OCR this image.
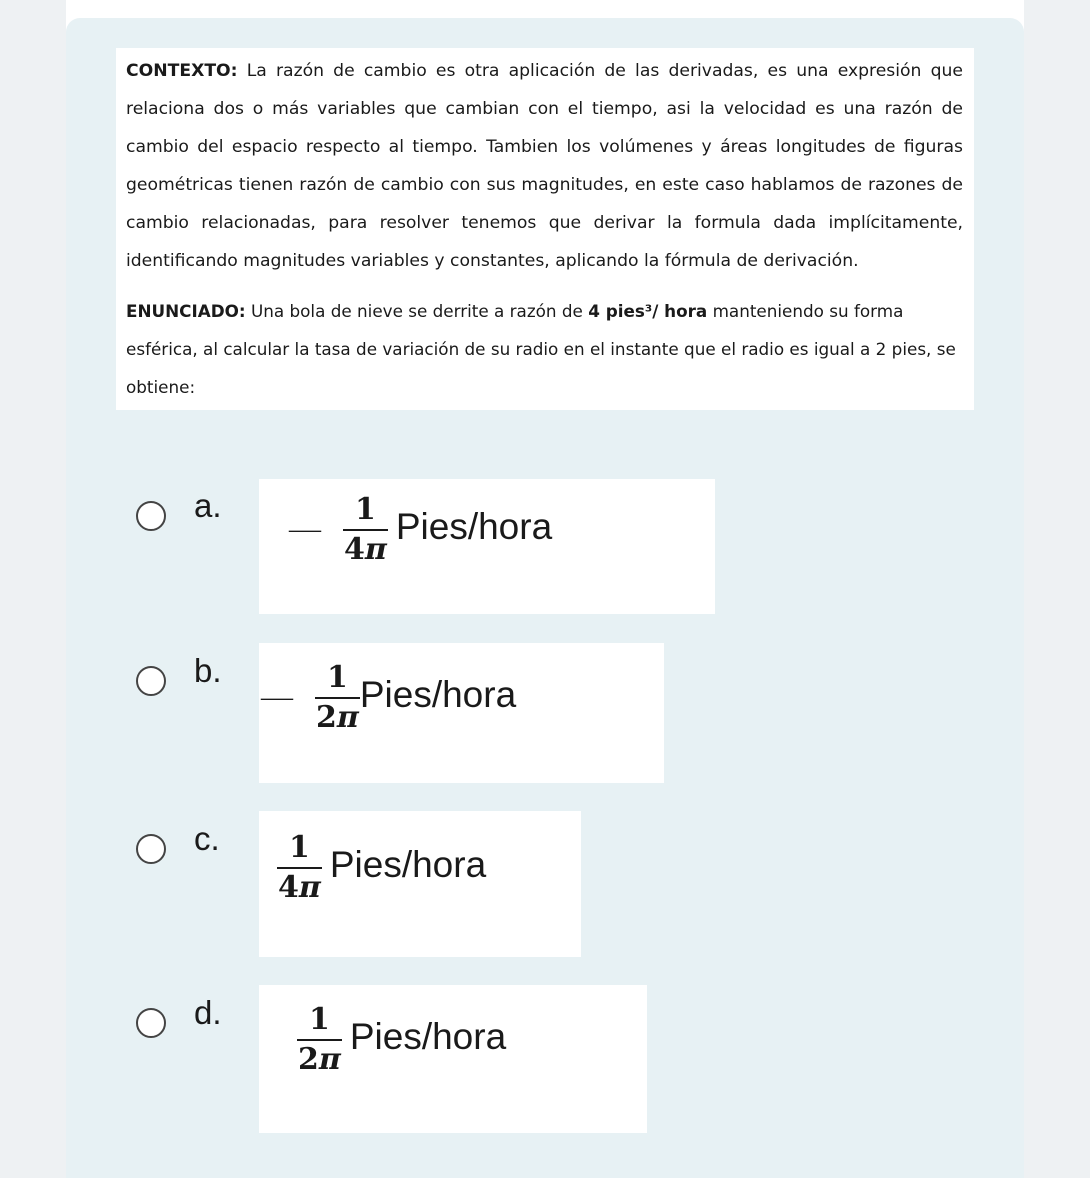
CONTEXTO: La razón de cambio es otra aplicación de las derivadas, es una expresión que relaciona dos o más variables que cambian con el tiempo, asi la velocidad es una razón de cambio del espacio respecto al tiempo. Tambien los volúmenes y áreas longitudes de figuras geométricas tienen razón de cambio con sus magnitudes, en este caso hablamos de razones de cambio relacionadas, para resolver tenemos que derivar la formula dada implícitamente, identificando magnitudes variables y constantes, aplicando la fórmula de derivación.

ENUNCIADO: Una bola de nieve se derrite a razón de 4 pies³/ hora manteniendo su forma esférica, al calcular la tasa de variación de su radio en el instante que el radio es igual a 2 pies, se obtiene:

a.
— $\frac{1}{4\pi}$ Pies/hora
b.
— $\frac{1}{2\pi}$ Pies/hora
c. $\frac{1}{4\pi}$ Pies/hora
d.	$\frac{1}{2\pi}$ Pies/hora
